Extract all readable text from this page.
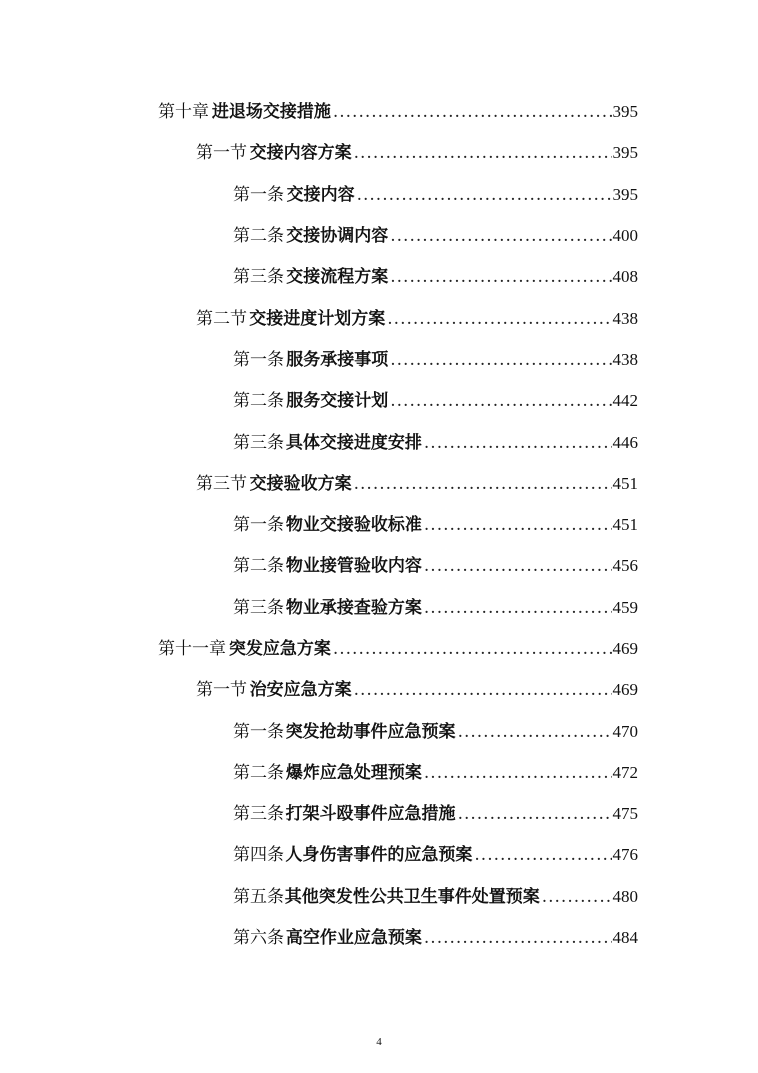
第十章 进退场交接措施 .....	395
第一节 交接内容方案 .....	395
第一条 交接内容 .....	395
第二条 交接协调内容 .....	400
第三条 交接流程方案 .....	408
第二节 交接进度计划方案 .....	438
第一条 服务承接事项 .....	438
第二条 服务交接计划 .....	442
第三条 具体交接进度安排 .....	446
第三节 交接验收方案 .....	451
第一条 物业交接验收标准 .....	451
第二条 物业接管验收内容 .....	456
第三条 物业承接查验方案 .....	459
第十一章 突发应急方案 .....	469
第一节 治安应急方案 .....	469
第一条 突发抢劫事件应急预案 .....	470
第二条 爆炸应急处理预案 .....	472
第三条 打架斗殴事件应急措施 .....	475
第四条 人身伤害事件的应急预案 .....	476
第五条 其他突发性公共卫生事件处置预案 .....	480
第六条 高空作业应急预案 .....	484
4
